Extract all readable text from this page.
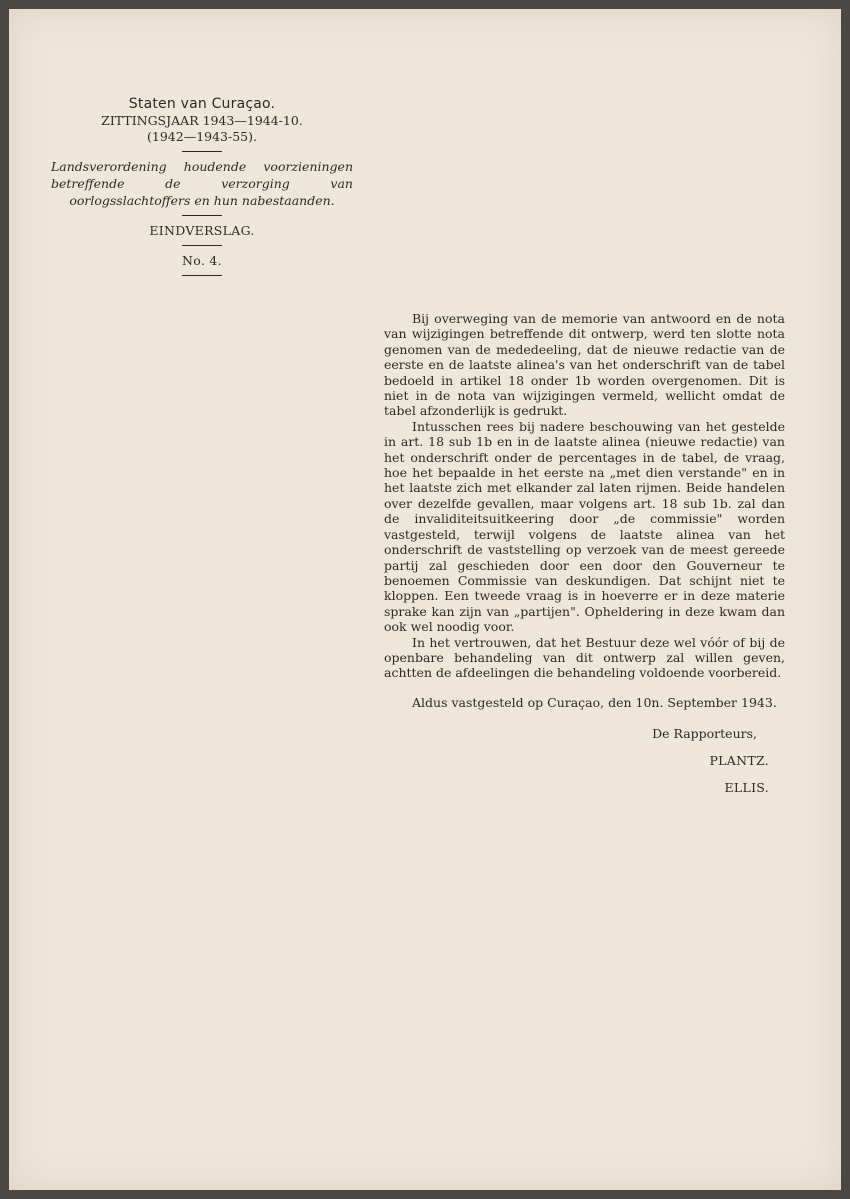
Staten van Curaçao.
ZITTINGSJAAR 1943—1944-10.
(1942—1943-55).
Landsverordening houdende voorzieningen betreffende de verzorging van oorlogsslachtoffers en hun nabestaanden.
EINDVERSLAG.
No. 4.

Bij overweging van de memorie van antwoord en de nota van wijzigingen betreffende dit ontwerp, werd ten slotte nota genomen van de mededeeling, dat de nieuwe redactie van de eerste en de laatste alinea's van het onderschrift van de tabel bedoeld in artikel 18 onder 1b worden overgenomen. Dit is niet in de nota van wijzigingen vermeld, wellicht omdat de tabel afzonderlijk is gedrukt.

Intusschen rees bij nadere beschouwing van het gestelde in art. 18 sub 1b en in de laatste alinea (nieuwe redactie) van het onderschrift onder de percentages in de tabel, de vraag, hoe het bepaalde in het eerste na „met dien verstande" en in het laatste zich met elkander zal laten rijmen. Beide handelen over dezelfde gevallen, maar volgens art. 18 sub 1b. zal dan de invaliditeitsuitkeering door „de commissie" worden vastgesteld, terwijl volgens de laatste alinea van het onderschrift de vaststelling op verzoek van de meest gereede partij zal geschieden door een door den Gouverneur te benoemen Commissie van deskundigen. Dat schijnt niet te kloppen. Een tweede vraag is in hoeverre er in deze materie sprake kan zijn van „partijen". Opheldering in deze kwam dan ook wel noodig voor.

In het vertrouwen, dat het Bestuur deze wel vóór of bij de openbare behandeling van dit ontwerp zal willen geven, achtten de afdeelingen die behandeling voldoende voorbereid.

Aldus vastgesteld op Curaçao, den 10n. September 1943.

De Rapporteurs,
PLANTZ.
ELLIS.
